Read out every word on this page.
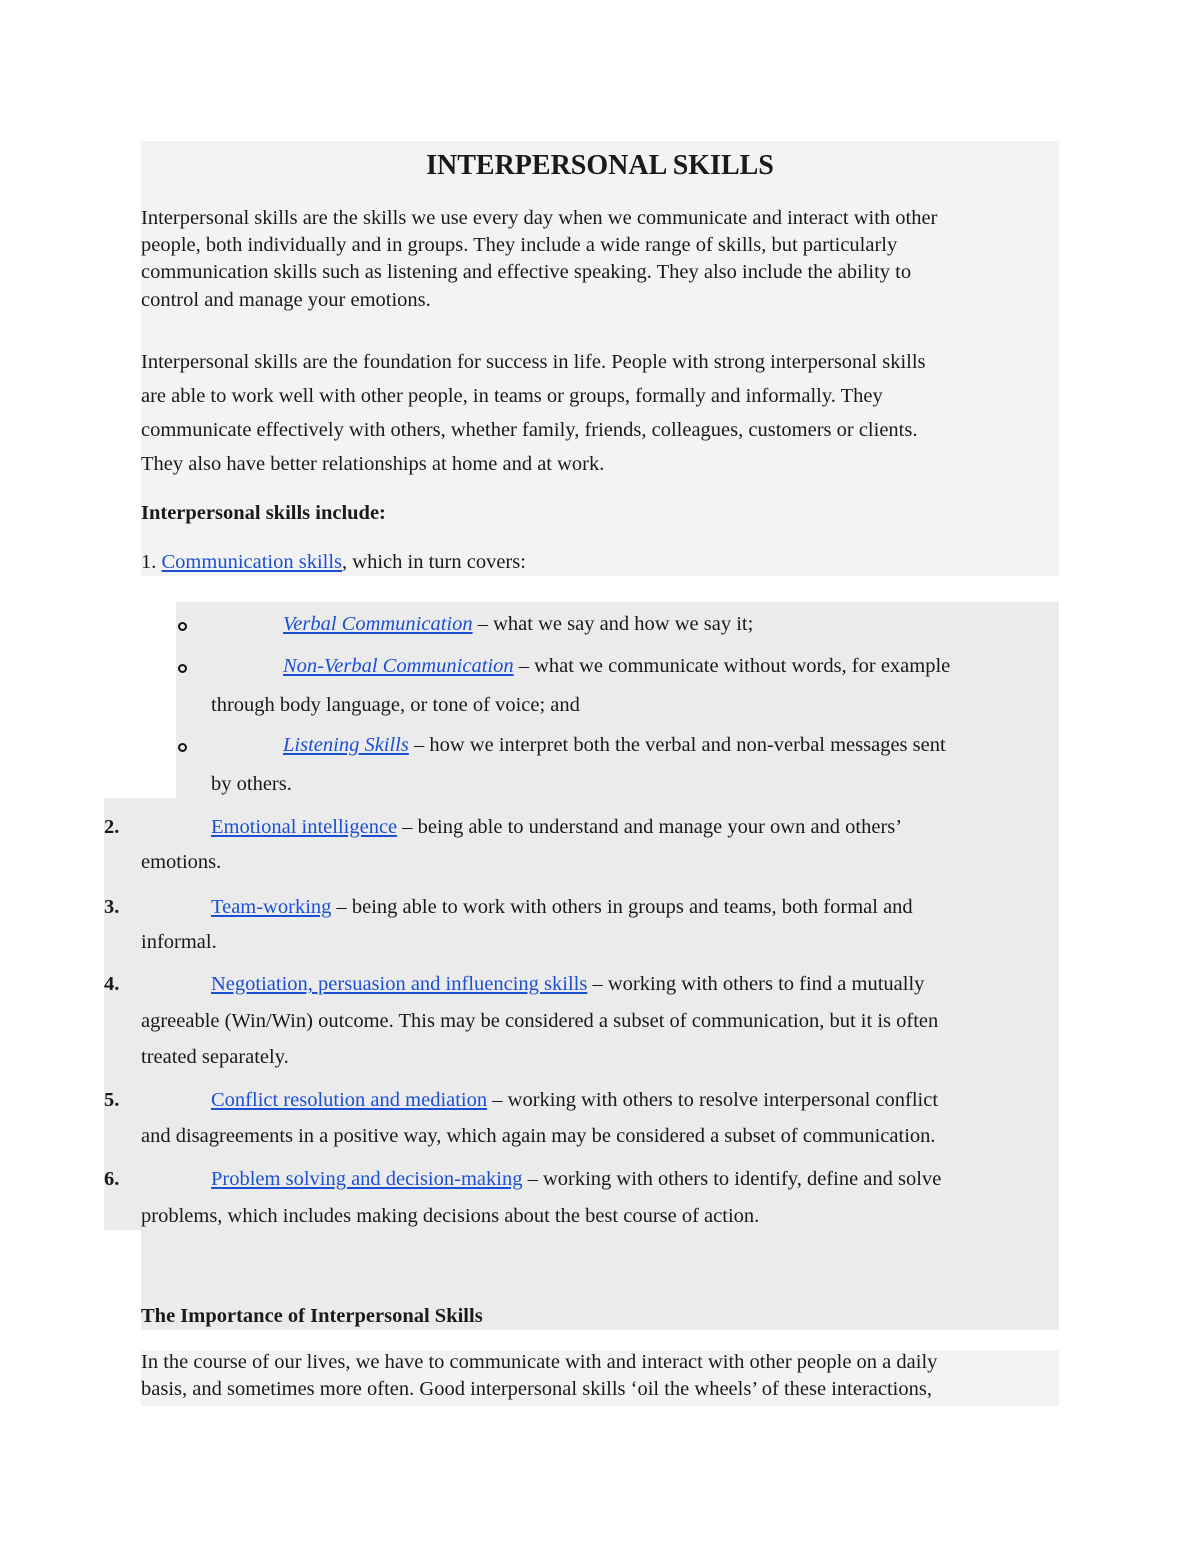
INTERPERSONAL SKILLS
Interpersonal skills are the skills we use every day when we communicate and interact with other
people, both individually and in groups. They include a wide range of skills, but particularly
communication skills such as listening and effective speaking. They also include the ability to
control and manage your emotions.
Interpersonal skills are the foundation for success in life. People with strong interpersonal skills
are able to work well with other people, in teams or groups, formally and informally. They
communicate effectively with others, whether family, friends, colleagues, customers or clients.
They also have better relationships at home and at work.
Interpersonal skills include:
1. Communication skills, which in turn covers:
Verbal Communication – what we say and how we say it;
Non-Verbal Communication – what we communicate without words, for example
through body language, or tone of voice; and
Listening Skills – how we interpret both the verbal and non-verbal messages sent
by others.
2.	Emotional intelligence – being able to understand and manage your own and others’
emotions.
3.	Team-working – being able to work with others in groups and teams, both formal and
informal.
4.	Negotiation, persuasion and influencing skills – working with others to find a mutually
agreeable (Win/Win) outcome. This may be considered a subset of communication, but it is often
treated separately.
5.	Conflict resolution and mediation – working with others to resolve interpersonal conflict
and disagreements in a positive way, which again may be considered a subset of communication.
6.	Problem solving and decision-making – working with others to identify, define and solve
problems, which includes making decisions about the best course of action.
The Importance of Interpersonal Skills
In the course of our lives, we have to communicate with and interact with other people on a daily
basis, and sometimes more often. Good interpersonal skills ‘oil the wheels’ of these interactions,
